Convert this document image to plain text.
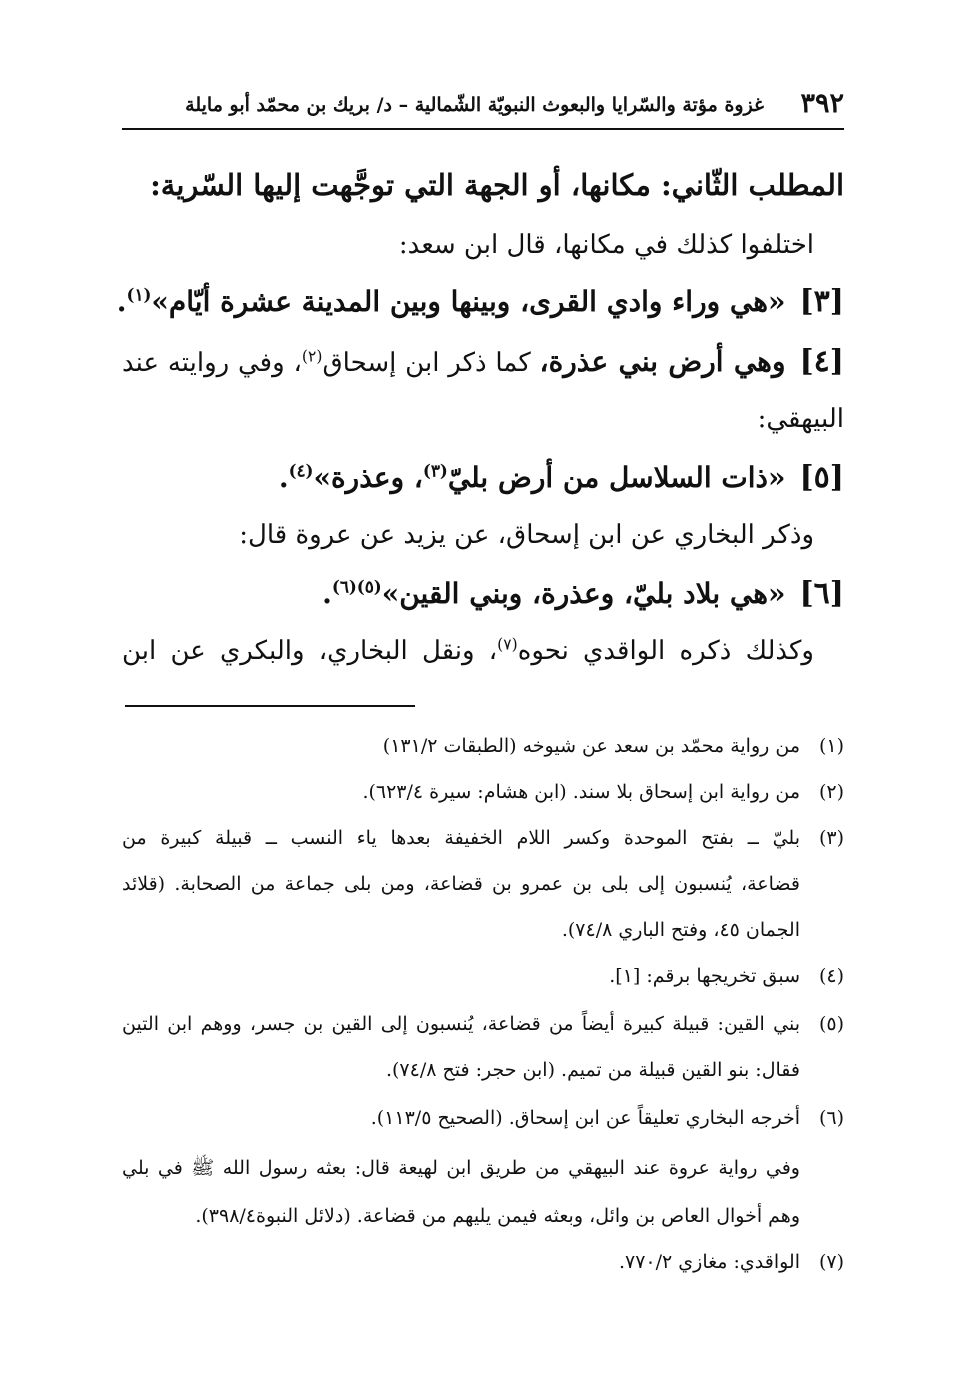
٣٩٢
غزوة مؤتة والسّرايا والبعوث النبويّة الشّمالية – د/ بريك بن محمّد أبو مايلة
المطلب الثّاني: مكانها، أو الجهة التي توجَّهت إليها السّرية:
اختلفوا كذلك في مكانها، قال ابن سعد:
[٣]«هي وراء وادي القرى، وبينها وبين المدينة عشرة أيّام»$^{(١)}$.
[٤]وهي أرض بني عذرة، كما ذكر ابن إسحاق$^{(٢)}$، وفي روايته عند
البيهقي:
[٥]«ذات السلاسل من أرض بليّ$^{(٣)}$، وعذرة»$^{(٤)}$.
وذكر البخاري عن ابن إسحاق، عن يزيد عن عروة قال:
[٦]«هي بلاد بليّ، وعذرة، وبني القين»$^{(٥)(٦)}$.
وكذلك ذكره الواقدي نحوه$^{(٧)}$، ونقل البخاري، والبكري عن ابن
(١)من رواية محمّد بن سعد عن شيوخه (الطبقات ١٣١/٢)
(٢)من رواية ابن إسحاق بلا سند. (ابن هشام: سيرة ٦٢٣/٤).
(٣)بليّ ــ بفتح الموحدة وكسر اللام الخفيفة بعدها ياء النسب ــ قبيلة كبيرة من
قضاعة، يُنسبون إلى بلى بن عمرو بن قضاعة، ومن بلى جماعة من الصحابة. (قلائد
الجمان ٤٥، وفتح الباري ٧٤/٨).
(٤)سبق تخريجها برقم: [١].
(٥)بني القين: قبيلة كبيرة أيضاً من قضاعة، يُنسبون إلى القين بن جسر، ووهم ابن التين
فقال: بنو القين قبيلة من تميم. (ابن حجر: فتح ٧٤/٨).
(٦)أخرجه البخاري تعليقاً عن ابن إسحاق. (الصحيح ١١٣/٥).
وفي رواية عروة عند البيهقي من طريق ابن لهيعة قال: بعثه رسول الله ﷺ في بلي
وهم أخوال العاص بن وائل، وبعثه فيمن يليهم من قضاعة. (دلائل النبوة٣٩٨/٤).
(٧)الواقدي: مغازي ٧٧٠/٢.
